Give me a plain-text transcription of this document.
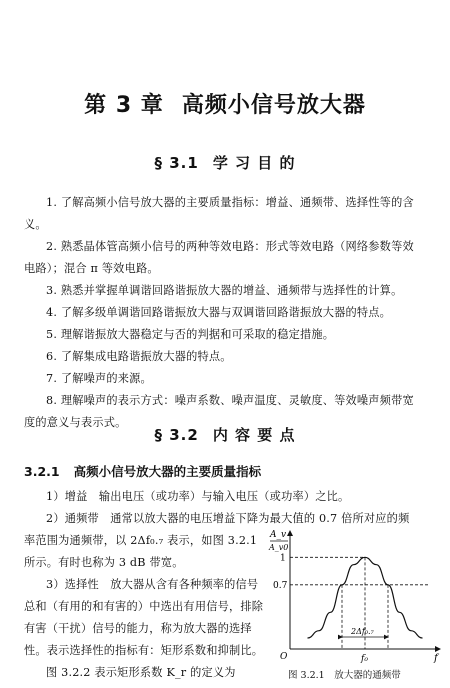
第 3 章 高频小信号放大器
§ 3.1 学 习 目 的
1. 了解高频小信号放大器的主要质量指标：增益、通频带、选择性等的含义。
2. 熟悉晶体管高频小信号的两种等效电路：形式等效电路（网络参数等效电路）；混合 π 等效电路。
3. 熟悉并掌握单调谐回路谐振放大器的增益、通频带与选择性的计算。
4. 了解多级单调谐回路谐振放大器与双调谐回路谐振放大器的特点。
5. 理解谐振放大器稳定与否的判据和可采取的稳定措施。
6. 了解集成电路谐振放大器的特点。
7. 了解噪声的来源。
8. 理解噪声的表示方式：噪声系数、噪声温度、灵敏度、等效噪声频带宽度的意义与表示式。
§ 3.2 内 容 要 点
3.2.1 高频小信号放大器的主要质量指标
1）增益　输出电压（或功率）与输入电压（或功率）之比。
2）通频带　通常以放大器的电压增益下降为最大值的 0.7 倍所对应的频
率范围为通频带，以 2Δf₀.₇ 表示，如图 3.2.1 所示。有时也称为 3 dB 带宽。
3）选择性　放大器从含有各种频率的信号总和（有用的和有害的）中选出有用信号，排除有害（干扰）信号的能力，称为放大器的选择性。表示选择性的指标有：矩形系数和抑制比。
图 3.2.2 表示矩形系数 K_r 的定义为
A_v
A_v0
O	f
1
0.7
f₀
2Δf₀.₇
图 3.2.1　放大器的通频带
